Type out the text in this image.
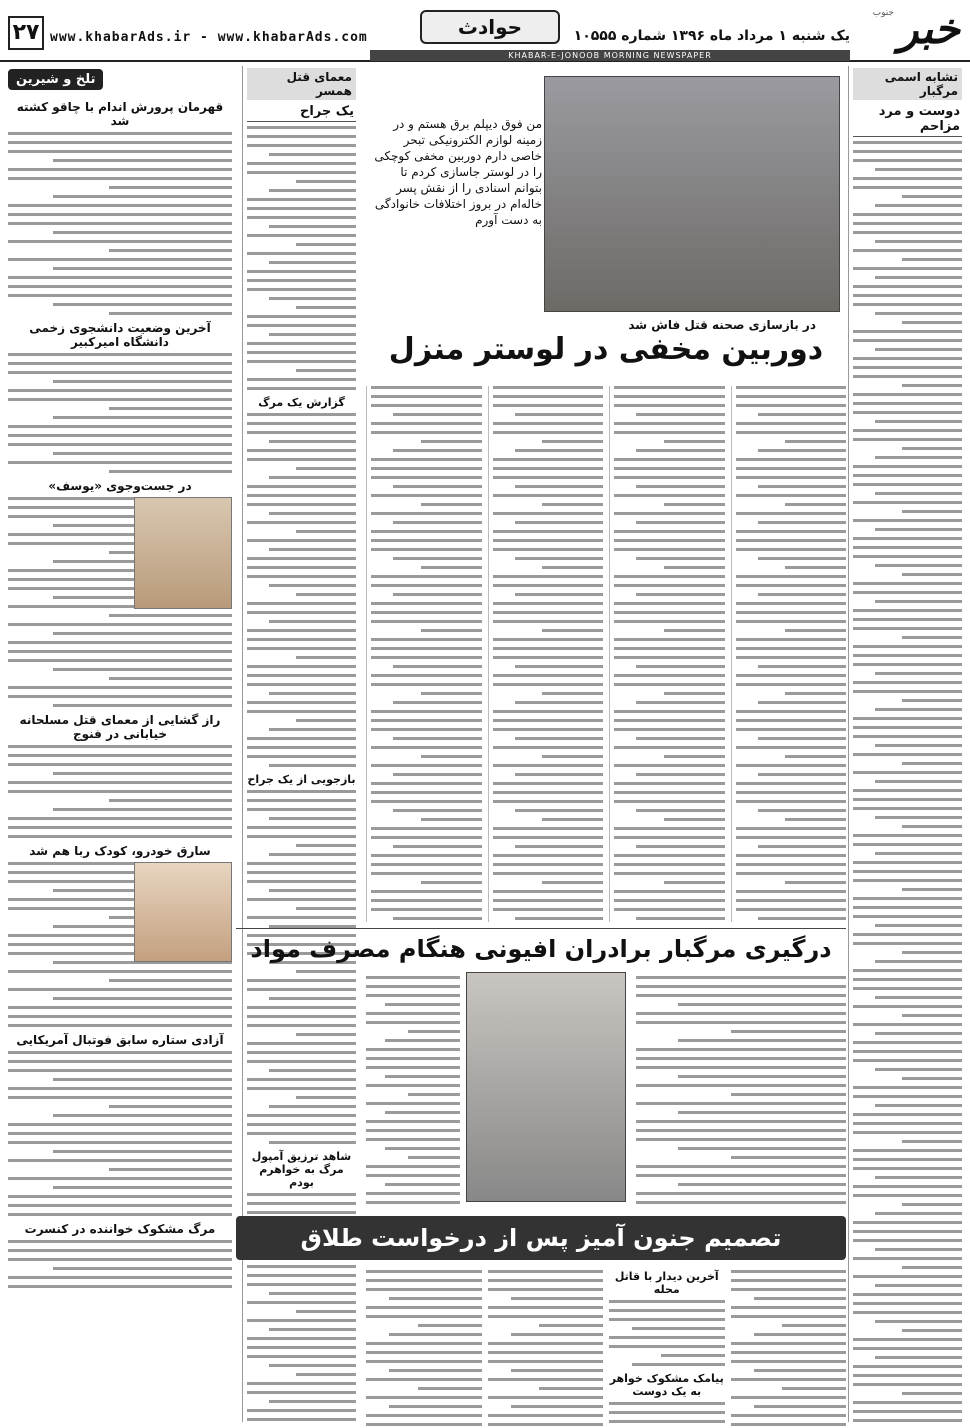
۲۷ www.khabarAds.ir - www.khabarAds.com	حوادث	یک شنبه ۱ مرداد ماه ۱۳۹۶ شماره ۱۰۵۵۵ خبر
جنوب
KHABAR-E-JONOOB MORNING NEWSPAPER
تشابه اسمی مرگبار
دوست و مرد مزاحم
معمای قتل همسر
یک جراح
گزارش یک مرگ
بازجویی از یک جراح
شاهد ترزیق آمپول مرگ به خواهرم بودم
تلخ و شیرین
قهرمان پرورش اندام با چاقو کشته شد
آخرین وضعیت دانشجوی زخمی دانشگاه امیرکبیر
در جست‌وجوی «یوسف»
راز گشایی از معمای قتل مسلحانه خیابانی در فنوج
سارق خودرو، کودک ربا هم شد
آزادی ستاره سابق فوتبال آمریکایی
مرگ مشکوک خواننده در کنسرت
من فوق دیپلم برق هستم و در زمینه لوازم الکترونیکی تبحر خاصی دارم دوربین مخفی کوچکی را در لوستر جاسازی کردم تا بتوانم اسنادی را از نقش پسر خاله‌ام در بروز اختلافات خانوادگی به دست آورم
در بازسازی صحنه قتل فاش شد
دوربین مخفی در لوستر منزل
درگیری مرگبار برادران افیونی هنگام مصرف مواد
تصمیم جنون آمیز پس از درخواست طلاق
آخرین دیدار با قاتل محله
پیامک مشکوک خواهر به یک دوست
